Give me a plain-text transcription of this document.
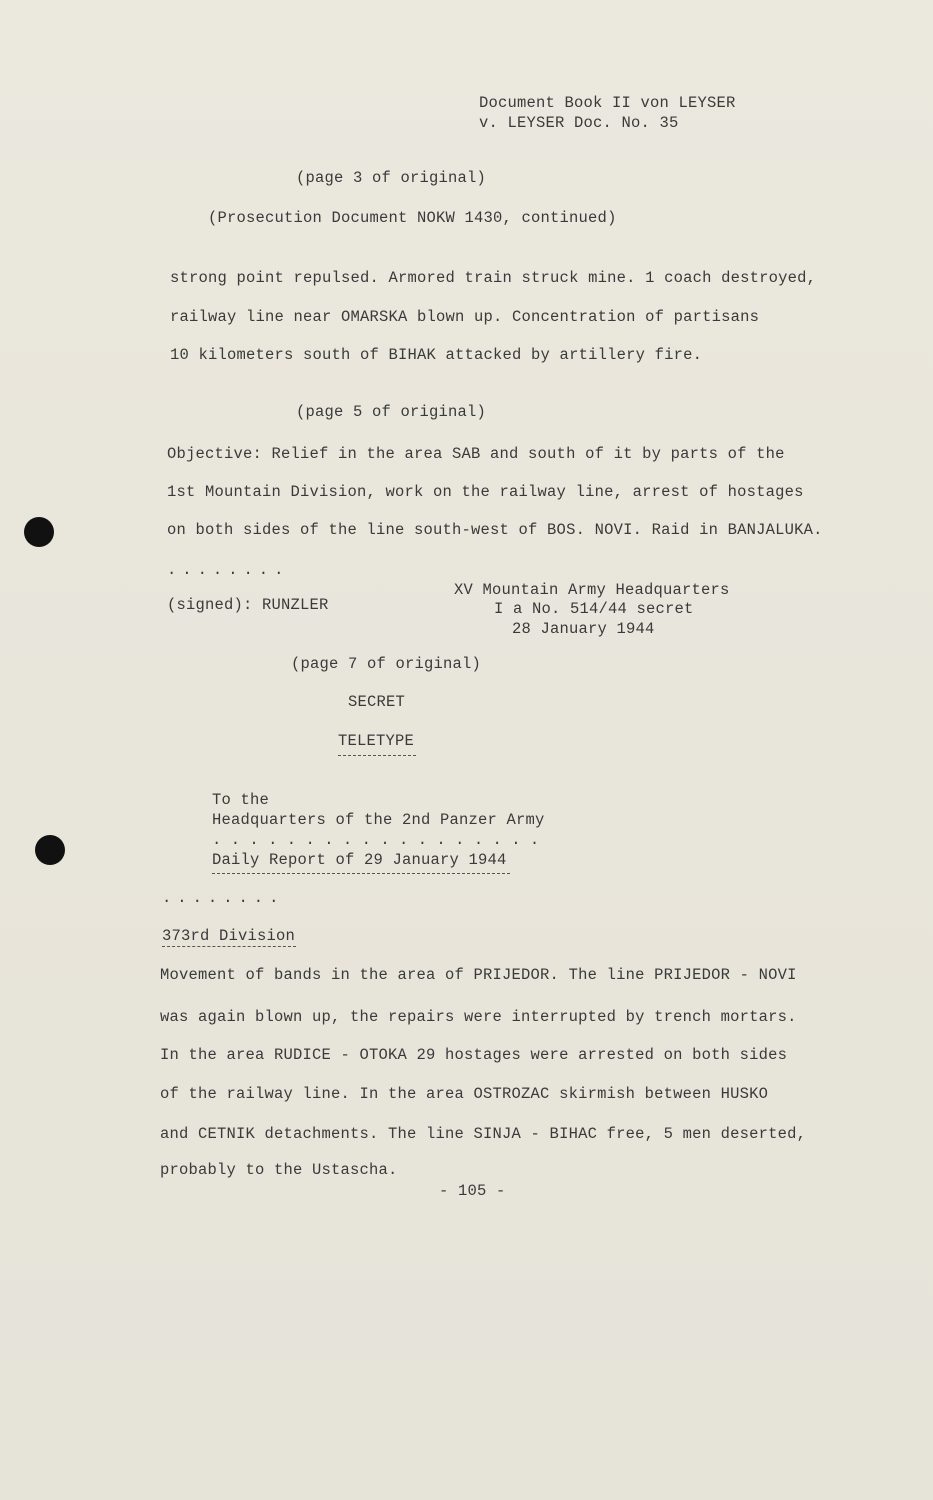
Document Book II von LEYSER
v. LEYSER Doc. No. 35
(page 3 of original)
(Prosecution Document NOKW 1430, continued)
strong point repulsed. Armored train struck mine. 1 coach destroyed,
railway line near OMARSKA blown up. Concentration of partisans
10 kilometers south of BIHAK attacked by artillery fire.
(page 5 of original)
Objective: Relief in the area SAB and south of it by parts of the
1st Mountain Division, work on the railway line, arrest of hostages
on both sides of the line south-west of BOS. NOVI. Raid in BANJALUKA.
........
(signed): RUNZLER
XV Mountain Army Headquarters
I a No. 514/44 secret
28 January 1944
(page 7 of original)
SECRET
TELETYPE
To the
Headquarters of the 2nd Panzer Army
..................
Daily Report of 29 January 1944
........
373rd Division
Movement of bands in the area of PRIJEDOR. The line PRIJEDOR - NOVI
was again blown up, the repairs were interrupted by trench mortars.
In the area RUDICE - OTOKA 29 hostages were arrested on both sides
of the railway line. In the area OSTROZAC skirmish between HUSKO
and CETNIK detachments. The line SINJA - BIHAC free, 5 men deserted,
probably to the Ustascha.
- 105 -
